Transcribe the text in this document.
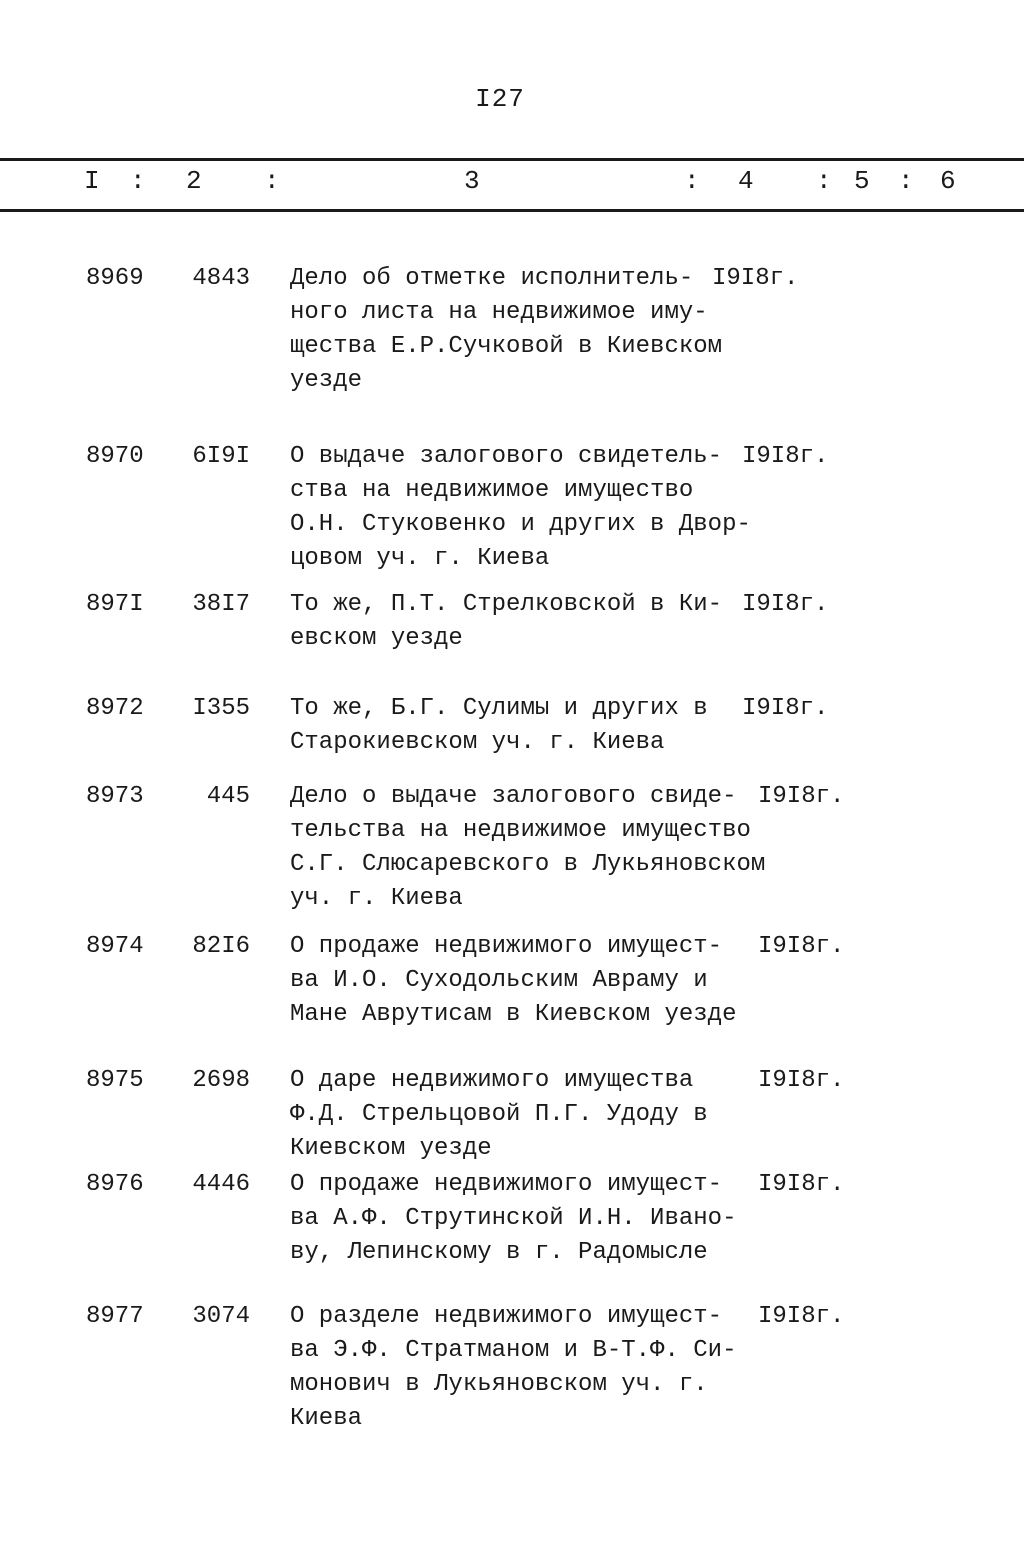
I27
I : 2 :	3	: 4 : 5 : 6
8969 4843 Дело об отметке исполнитель-
ного листа на недвижимое иму-
щества Е.Р.Сучковой в Киевском
уезде
I9I8г.
8970 6I9I О выдаче залогового свидетель-
ства на недвижимое имущество
О.Н. Стуковенко и других в Двор-
цовом уч. г. Киева
I9I8г.
897I 38I7 То же, П.Т. Стрелковской в Ки-
евском уезде
I9I8г.
8972 I355 То же, Б.Г. Сулимы и других в
Старокиевском уч. г. Киева
I9I8г.
8973	445 Дело о выдаче залогового свиде-
тельства на недвижимое имущество
С.Г. Слюсаревского в Лукьяновском
уч. г. Киева
I9I8г.
8974 82I6 О продаже недвижимого имущест-
ва И.О. Суходольским Авраму и
Мане Аврутисам в Киевском уезде
I9I8г.
8975 2698 О даре недвижимого имущества
Ф.Д. Стрельцовой П.Г. Удоду в
Киевском уезде
I9I8г.
8976 4446 О продаже недвижимого имущест-
ва А.Ф. Струтинской И.Н. Ивано-
ву, Лепинскому в г. Радомысле
I9I8г.
8977 3074 О разделе недвижимого имущест-
ва Э.Ф. Стратманом и В-Т.Ф. Си-
монович в Лукьяновском уч. г.
Киева
I9I8г.
